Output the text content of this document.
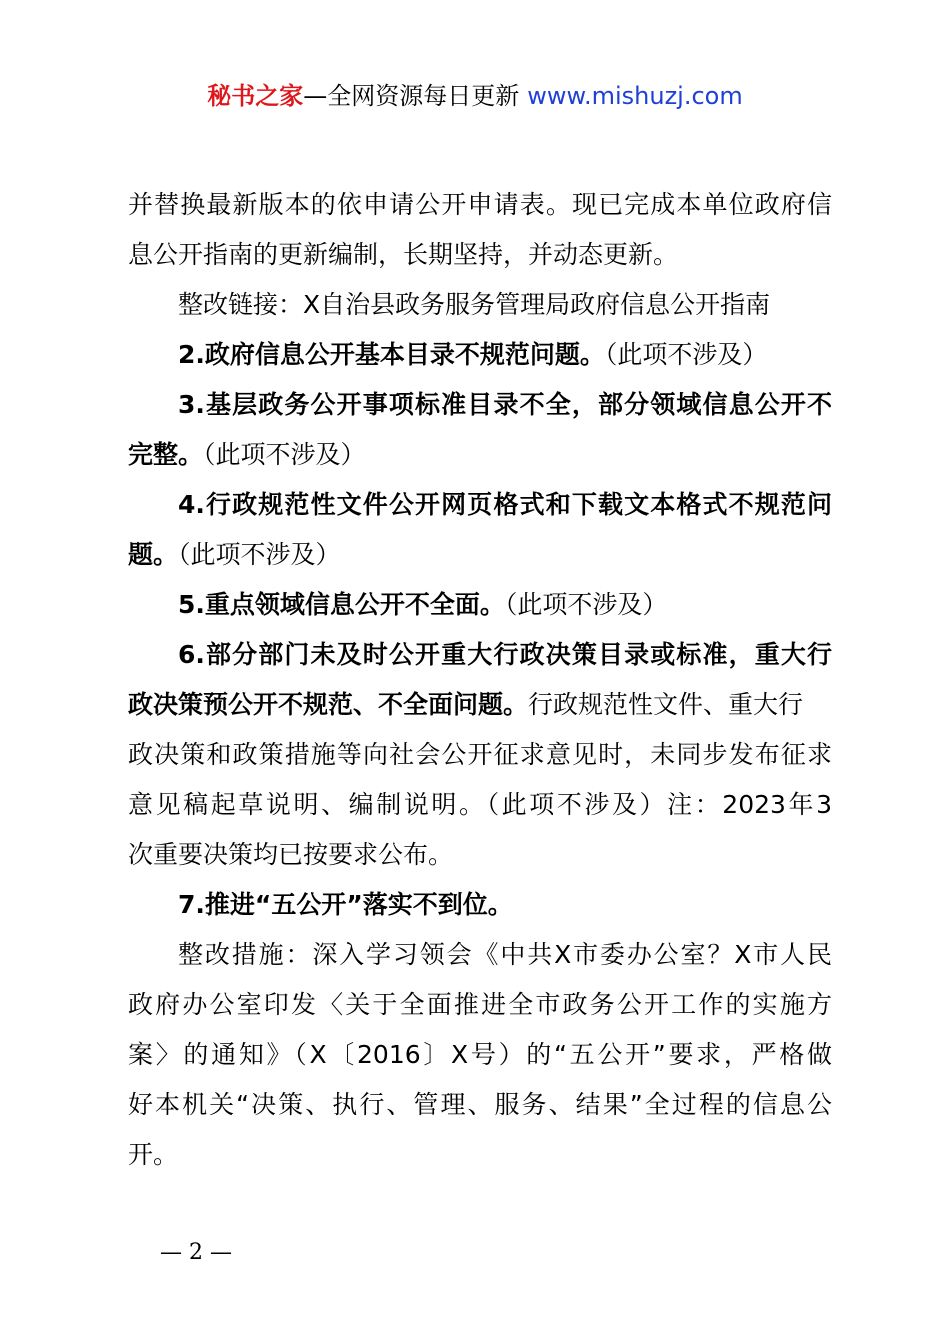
秘书之家—全网资源每日更新 www.mishuzj.com

并替换最新版本的依申请公开申请表。现已完成本单位政府信
息公开指南的更新编制，长期坚持，并动态更新。

整改链接：X自治县政务服务管理局政府信息公开指南

2.政府信息公开基本目录不规范问题。（此项不涉及）

3.基层政务公开事项标准目录不全，部分领域信息公开不
完整。（此项不涉及）

4.行政规范性文件公开网页格式和下载文本格式不规范问
题。（此项不涉及）

5.重点领域信息公开不全面。（此项不涉及）

6.部分部门未及时公开重大行政决策目录或标准，重大行
政决策预公开不规范、不全面问题。行政规范性文件、重大行
政决策和政策措施等向社会公开征求意见时，未同步发布征求
意见稿起草说明、编制说明。（此项不涉及）注：2023年3
次重要决策均已按要求公布。

7.推进“五公开”落实不到位。

整改措施：深入学习领会《中共X市委办公室？X市人民
政府办公室印发〈关于全面推进全市政务公开工作的实施方
案〉的通知》（X〔2016〕X号）的“五公开”要求，严格做
好本机关“决策、执行、管理、服务、结果”全过程的信息公
开。

— 2 —
